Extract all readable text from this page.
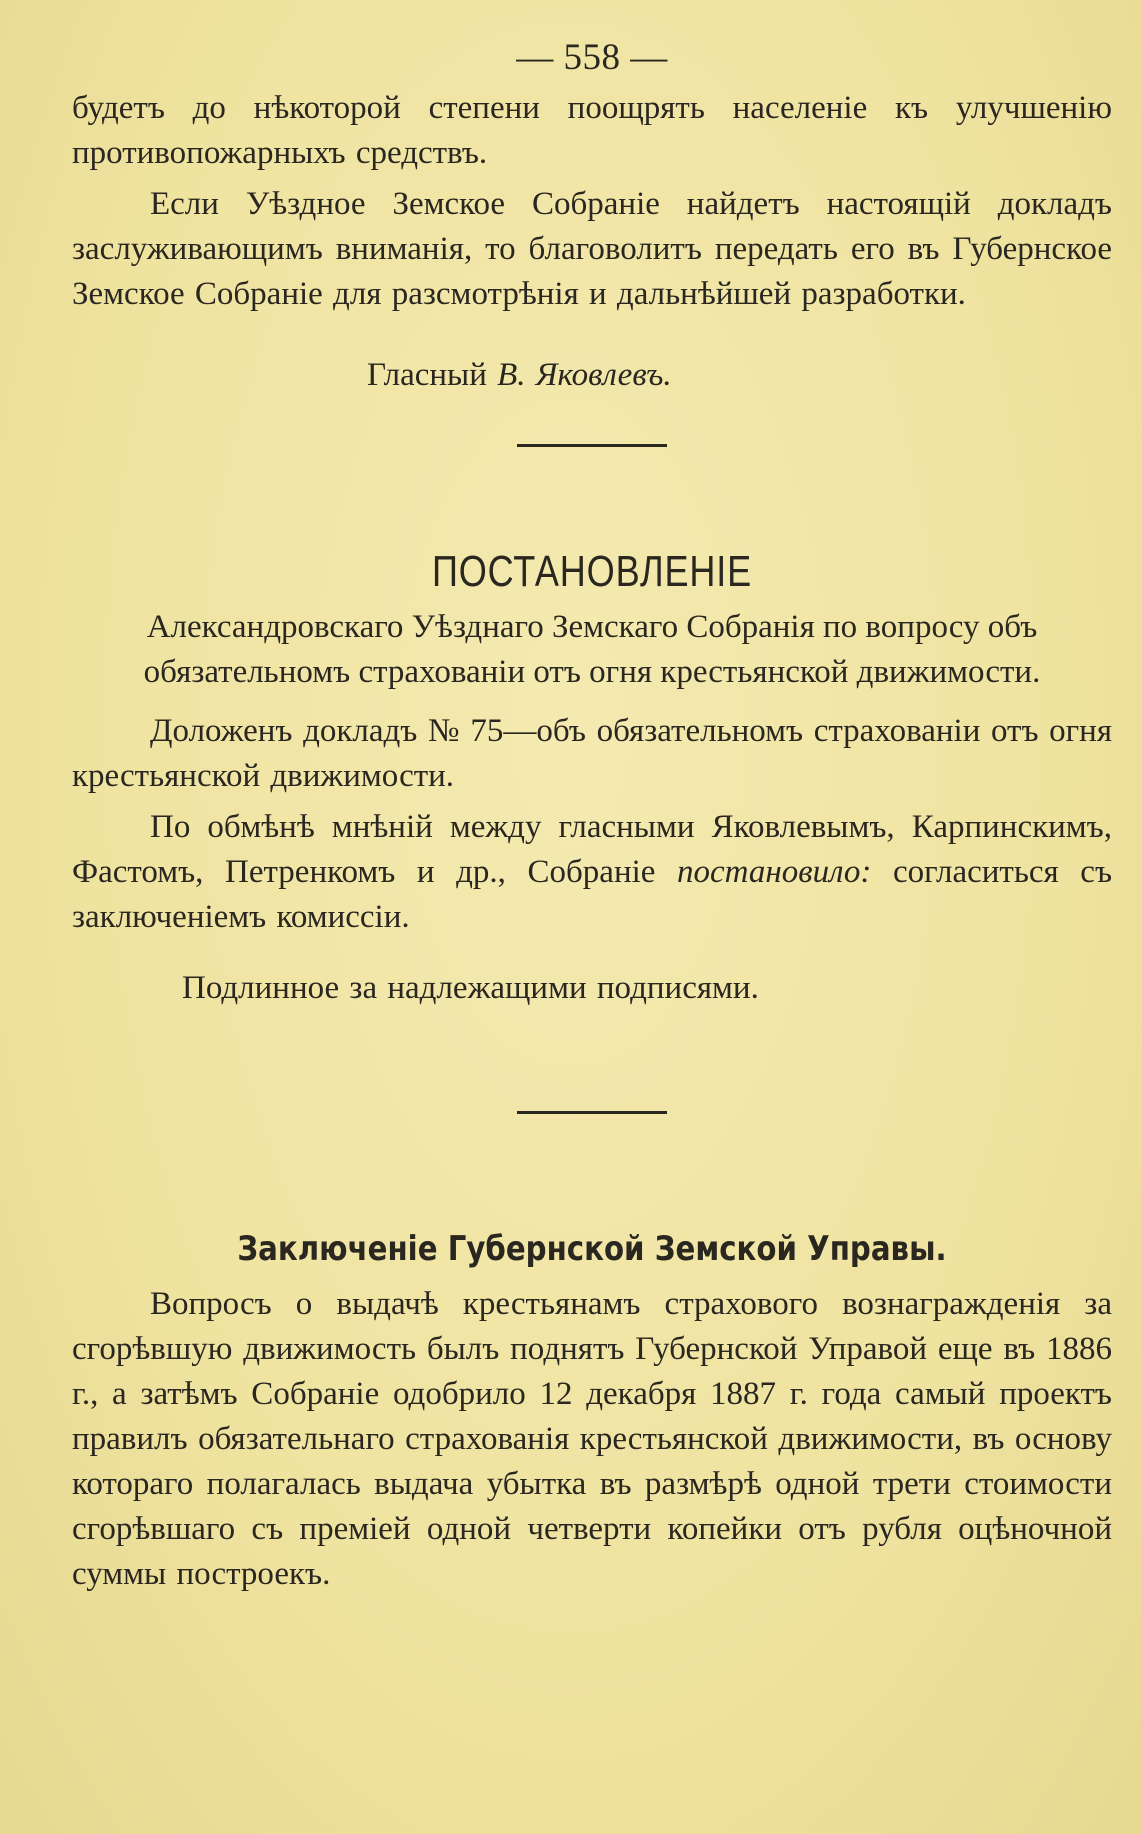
— 558 —

будетъ до нѣкоторой степени поощрять населеніе къ улучшенію противопожарныхъ средствъ.

Если Уѣздное Земское Собраніе найдетъ настоящій докладъ заслуживающимъ вниманія, то благоволитъ передать его въ Губернское Земское Собраніе для разсмотрѣнія и дальнѣйшей разработки.

Гласный В. Яковлевъ.

ПОСТАНОВЛЕНІЕ
Александровскаго Уѣзднаго Земскаго Собранія по вопросу объ обязательномъ страхованіи отъ огня крестьянской движимости.

Доложенъ докладъ № 75—объ обязательномъ страхованіи отъ огня крестьянской движимости.

По обмѣнѣ мнѣній между гласными Яковлевымъ, Карпинскимъ, Фастомъ, Петренкомъ и др., Собраніе постановило: согласиться съ заключеніемъ комиссіи.

Подлинное за надлежащими подписями.

Заключеніе Губернской Земской Управы.

Вопросъ о выдачѣ крестьянамъ страхового вознагражденія за сгорѣвшую движимость былъ поднятъ Губернской Управой еще въ 1886 г., а затѣмъ Собраніе одобрило 12 декабря 1887 г. года самый проектъ правилъ обязательнаго страхованія крестьянской движимости, въ основу котораго полагалась выдача убытка въ размѣрѣ одной трети стоимости сгорѣвшаго съ преміей одной четверти копейки отъ рубля оцѣночной суммы построекъ.
